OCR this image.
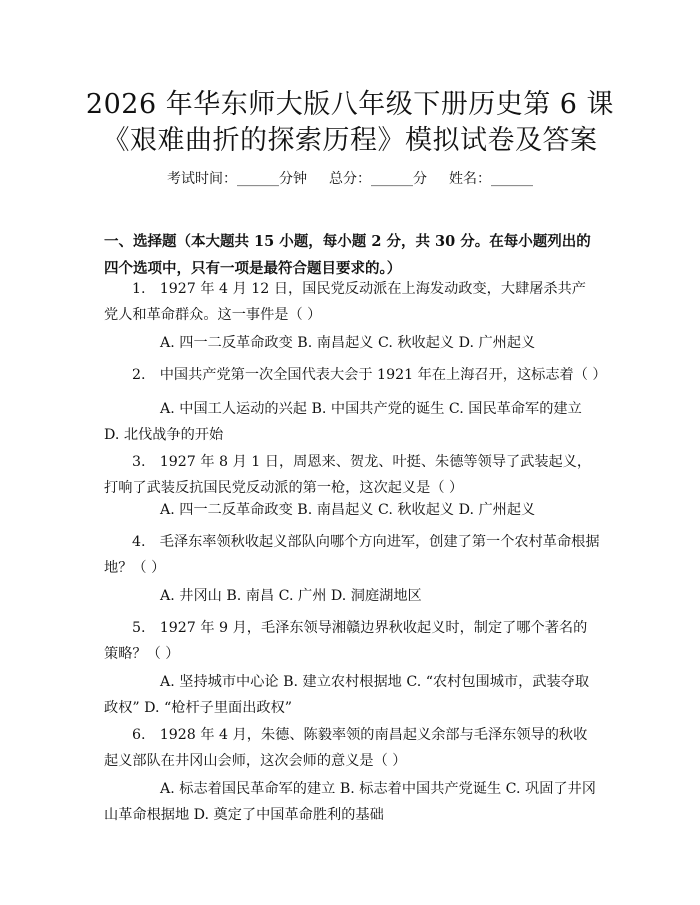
2026 年华东师大版八年级下册历史第 6 课
《艰难曲折的探索历程》模拟试卷及答案
考试时间：______分钟 总分：______分 姓名：______
一、选择题（本大题共 15 小题，每小题 2 分，共 30 分。在每小题列出的四个选项中，只有一项是最符合题目要求的。）
1.　1927 年 4 月 12 日，国民党反动派在上海发动政变，大肆屠杀共产党人和革命群众。这一事件是（ ）
A. 四一二反革命政变 B. 南昌起义 C. 秋收起义 D. 广州起义
2.　中国共产党第一次全国代表大会于 1921 年在上海召开，这标志着（ ）
A. 中国工人运动的兴起 B. 中国共产党的诞生 C. 国民革命军的建立 D. 北伐战争的开始
3.　1927 年 8 月 1 日，周恩来、贺龙、叶挺、朱德等领导了武装起义，打响了武装反抗国民党反动派的第一枪，这次起义是（ ）
A. 四一二反革命政变 B. 南昌起义 C. 秋收起义 D. 广州起义
4.　毛泽东率领秋收起义部队向哪个方向进军，创建了第一个农村革命根据地？（ ）
A. 井冈山 B. 南昌 C. 广州 D. 洞庭湖地区
5.　1927 年 9 月，毛泽东领导湘赣边界秋收起义时，制定了哪个著名的策略？（ ）
A. 坚持城市中心论 B. 建立农村根据地 C. “农村包围城市，武装夺取政权” D. “枪杆子里面出政权”
6.　1928 年 4 月，朱德、陈毅率领的南昌起义余部与毛泽东领导的秋收起义部队在井冈山会师，这次会师的意义是（ ）
A. 标志着国民革命军的建立 B. 标志着中国共产党诞生 C. 巩固了井冈山革命根据地 D. 奠定了中国革命胜利的基础
